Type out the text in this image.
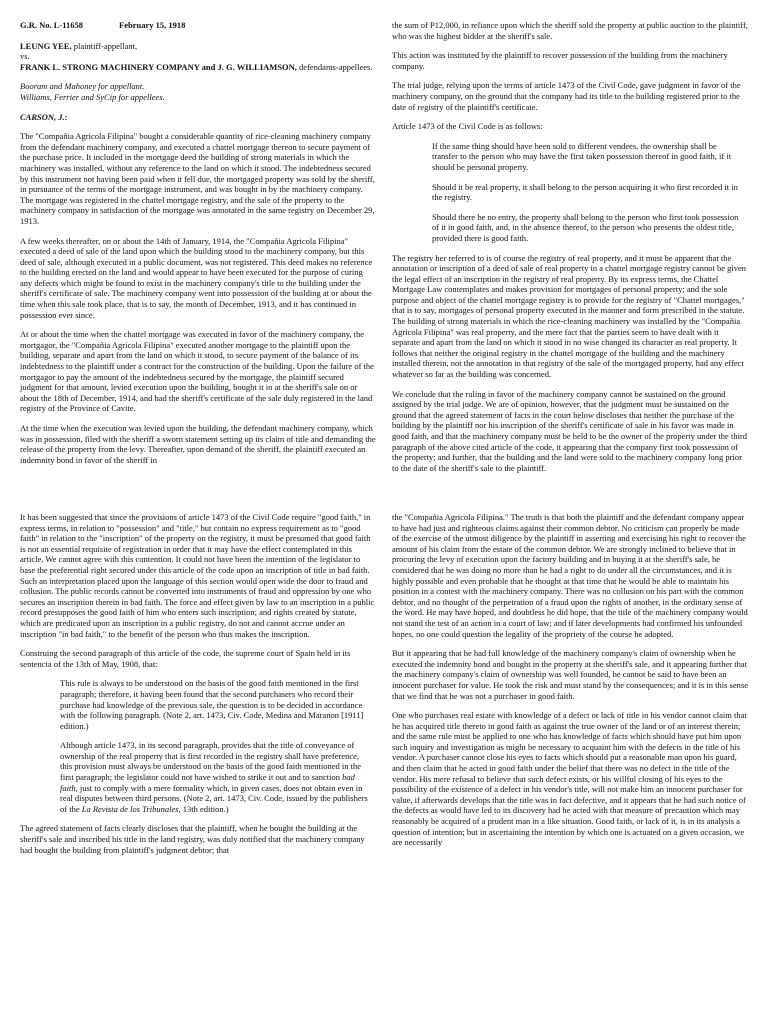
G.R. No. L-11658	February 15, 1918

LEUNG YEE, plaintiff-appellant,

vs.

FRANK L. STRONG MACHINERY COMPANY and J. G. WILLIAMSON, defendants-appellees.

Booram and Mahoney for appellant.
Williams, Ferrier and SyCip for appellees.

CARSON, J.:

The "Compañia Agricola Filipina" bought a considerable quantity of rice-cleaning machinery company from the defendant machinery company, and executed a chattel mortgage thereon to secure payment of the purchase price. It included in the mortgage deed the building of strong materials in which the machinery was installed, without any reference to the land on which it stood. The indebtedness secured by this instrument not having been paid when it fell due, the mortgaged property was sold by the sheriff, in pursuance of the terms of the mortgage instrument, and was bought in by the machinery company. The mortgage was registered in the chattel mortgage registry, and the sale of the property to the machinery company in satisfaction of the mortgage was annotated in the same registry on December 29, 1913.

A few weeks thereafter, on or about the 14th of January, 1914, the "Compañia Agricola Filipina" executed a deed of sale of the land upon which the building stood to the machinery company, but this deed of sale, although executed in a public document, was not registered. This deed makes no reference to the building erected on the land and would appear to have been executed for the purpose of curing any defects which might be found to exist in the machinery company's title to the building under the sheriff's certificate of sale. The machinery company went into possession of the building at or about the time when this sale took place, that is to say, the month of December, 1913, and it has continued in possession ever since.

At or about the time when the chattel mortgage was executed in favor of the machinery company, the mortgagor, the "Compañia Agricola Filipina" executed another mortgage to the plaintiff upon the building, separate and apart from the land on which it stood, to secure payment of the balance of its indebtedness to the plaintiff under a contract for the construction of the building. Upon the failure of the mortgagor to pay the amount of the indebtedness secured by the mortgage, the plaintiff secured judgment for that amount, levied execution upon the building, bought it in at the sheriff's sale on or about the 18th of December, 1914, and had the sheriff's certificate of the sale duly registered in the land registry of the Province of Cavite.

At the time when the execution was levied upon the building, the defendant machinery company, which was in possession, filed with the sheriff a sworn statement setting up its claim of title and demanding the release of the property from the levy. Thereafter, upon demand of the sheriff, the plaintiff executed an indemnity bond in favor of the sheriff in

the sum of P12,000, in reliance upon which the sheriff sold the property at public auction to the plaintiff, who was the highest bidder at the sheriff's sale.

This action was instituted by the plaintiff to recover possession of the building from the machinery company.

The trial judge, relying upon the terms of article 1473 of the Civil Code, gave judgment in favor of the machinery company, on the ground that the company had its title to the building registered prior to the date of registry of the plaintiff's certificate.

Article 1473 of the Civil Code is as follows:

If the same thing should have been sold to different vendees, the ownership shall be transfer to the person who may have the first taken possession thereof in good faith, if it should be personal property.

Should it be real property, it shall belong to the person acquiring it who first recorded it in the registry.

Should there be no entry, the property shall belong to the person who first took possession of it in good faith, and, in the absence thereof, to the person who presents the oldest title, provided there is good faith.

The registry her referred to is of course the registry of real property, and it must be apparent that the annotation or inscription of a deed of sale of real property in a chattel mortgage registry cannot be given the legal effect of an inscription in the registry of real property. By its express terms, the Chattel Mortgage Law contemplates and makes provision for mortgages of personal property; and the sole purpose and object of the chattel mortgage registry is to provide for the registry of "Chattel mortgages," that is to say, mortgages of personal property executed in the manner and form prescribed in the statute. The building of strong materials in which the rice-cleaning machinery was installed by the "Compañia Agricola Filipina" was real property, and the mere fact that the parties seem to have dealt with it separate and apart from the land on which it stood in no wise changed its character as real property. It follows that neither the original registry in the chattel mortgage of the building and the machinery installed therein, not the annotation in that registry of the sale of the mortgaged property, had any effect whatever so far as the building was concerned.

We conclude that the ruling in favor of the machinery company cannot be sustained on the ground assigned by the trial judge. We are of opinion, however, that the judgment must be sustained on the ground that the agreed statement of facts in the court below discloses that neither the purchase of the building by the plaintiff nor his inscription of the sheriff's certificate of sale in his favor was made in good faith, and that the machinery company must be held to be the owner of the property under the third paragraph of the above cited article of the code, it appearing that the company first took possession of the property; and further, that the building and the land were sold to the machinery company long prior to the date of the sheriff's sale to the plaintiff.

It has been suggested that since the provisions of article 1473 of the Civil Code require "good faith," in express terms, in relation to "possession" and "title," but contain no express requirement as to "good faith" in relation to the "inscription" of the property on the registry, it must be presumed that good faith is not an essential requisite of registration in order that it may have the effect contemplated in this article. We cannot agree with this contention. It could not have been the intention of the legislator to base the preferential right secured under this article of the code upon an inscription of title in bad faith. Such an interpretation placed upon the language of this section would open wide the door to fraud and collusion. The public records cannot be converted into instruments of fraud and oppression by one who secures an inscription therein in bad faith. The force and effect given by law to an inscription in a public record presupposes the good faith of him who enters such inscription; and rights created by statute, which are predicated upon an inscription in a public registry, do not and cannot accrue under an inscription "in bad faith," to the benefit of the person who thus makes the inscription.

Construing the second paragraph of this article of the code, the supreme court of Spain held in its sentencia of the 13th of May, 1908, that:

This rule is always to be understood on the basis of the good faith mentioned in the first paragraph; therefore, it having been found that the second purchasers who record their purchase had knowledge of the previous sale, the question is to be decided in accordance with the following paragraph. (Note 2, art. 1473, Civ. Code, Medina and Maranon [1911] edition.)

Although article 1473, in its second paragraph, provides that the title of conveyance of ownership of the real property that is first recorded in the registry shall have preference, this provision must always be understood on the basis of the good faith mentioned in the first paragraph; the legislator could not have wished to strike it out and to sanction bad faith, just to comply with a mere formality which, in given cases, does not obtain even in real disputes between third persons. (Note 2, art. 1473, Civ. Code, issued by the publishers of the La Revista de los Tribunales, 13th edition.)

The agreed statement of facts clearly discloses that the plaintiff, when he bought the building at the sheriff's sale and inscribed his title in the land registry, was duly notified that the machinery company had bought the building from plaintiff's judgment debtor; that

the "Compañia Agricola Filipina." The truth is that both the plaintiff and the defendant company appear to have had just and righteous claims against their common debtor. No criticism can properly be made of the exercise of the utmost diligence by the plaintiff in asserting and exercising his right to recover the amount of his claim from the estate of the common debtor. We are strongly inclined to believe that in procuring the levy of execution upon the factory building and in buying it at the sheriff's sale, he considered that he was doing no more than he had a right to do under all the circumstances, and it is highly possible and even probable that he thought at that time that he would be able to maintain his position in a contest with the machinery company. There was no collusion on his part with the common debtor, and no thought of the perpetration of a fraud upon the rights of another, in the ordinary sense of the word. He may have hoped, and doubtless he did hope, that the title of the machinery company would not stand the test of an action in a court of law; and if later developments had confirmed his unfounded hopes, no one could question the legality of the propriety of the course he adopted.

But it appearing that he had full knowledge of the machinery company's claim of ownership when he executed the indemnity bond and bought in the property at the sheriff's sale, and it appearing further that the machinery company's claim of ownership was well founded, he cannot be said to have been an innocent purchaser for value. He took the risk and must stand by the consequences; and it is in this sense that we find that he was not a purchaser in good faith.

One who purchases real estate with knowledge of a defect or lack of title in his vendor cannot claim that he has acquired title thereto in good faith as against the true owner of the land or of an interest therein; and the same rule must be applied to one who has knowledge of facts which should have put him upon such inquiry and investigation as might be necessary to acquaint him with the defects in the title of his vendor. A purchaser cannot close his eyes to facts which should put a reasonable man upon his guard, and then claim that he acted in good faith under the belief that there was no defect in the title of the vendor. His mere refusal to believe that such defect exists, or his willful closing of his eyes to the possibility of the existence of a defect in his vendor's title, will not make him an innocent purchaser for value, if afterwards develops that the title was in fact defective, and it appears that he had such notice of the defects as would have led to its discovery had he acted with that measure of precaution which may reasonably be acquired of a prudent man in a like situation. Good faith, or lack of it, is in its analysis a question of intention; but in ascertaining the intention by which one is actuated on a given occasion, we are necessarily
